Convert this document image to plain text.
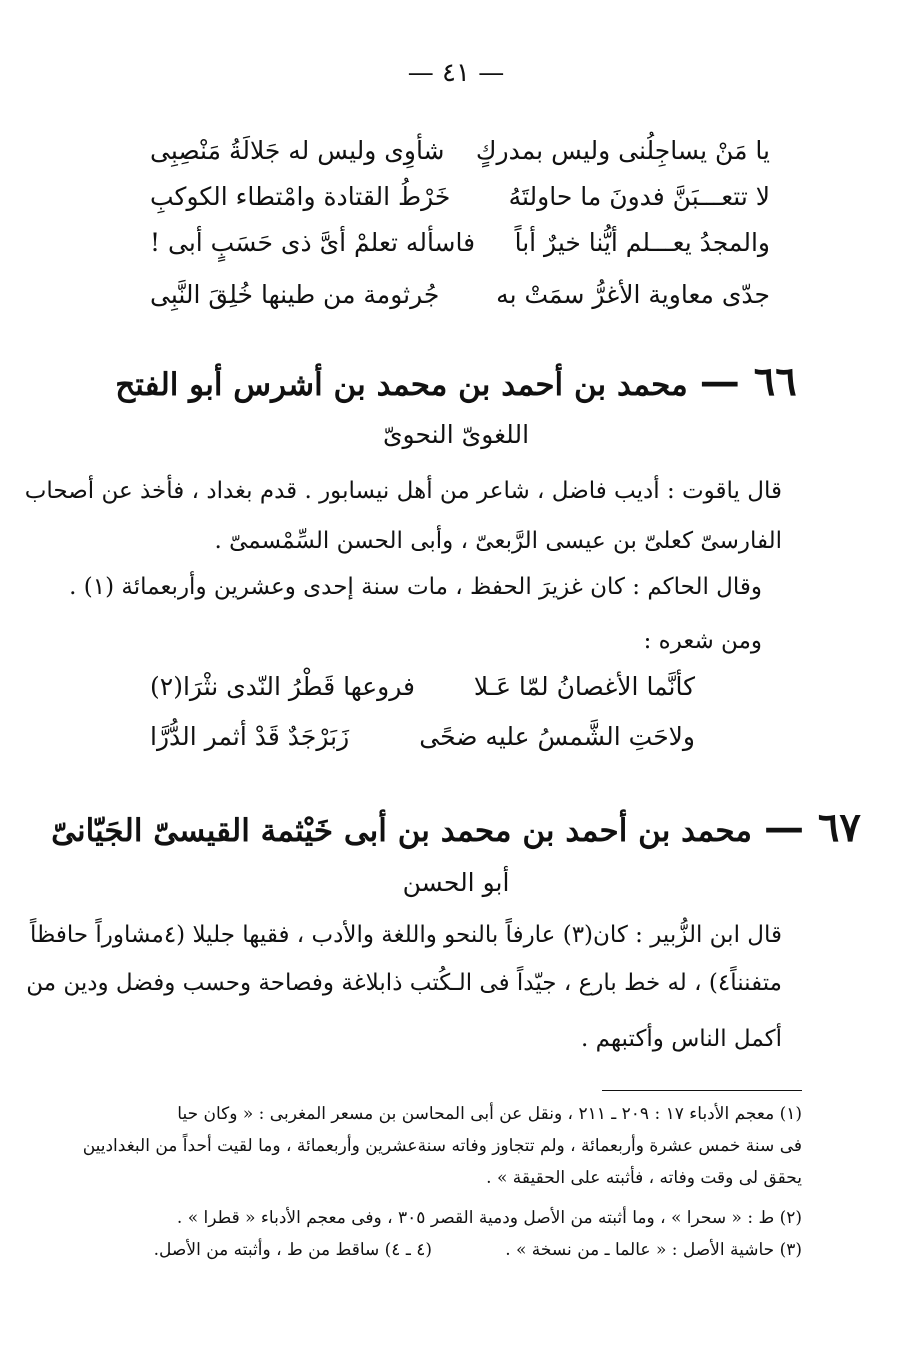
— ٤١ —
يا مَنْ يساجِلُنى وليس بمدركٍ
شأوِى وليس له جَلالَةُ مَنْصِبِى
لا تتعـــبَنَّ فدونَ ما حاولتَهُ
خَرْطُ القتادة وامْتطاء الكوكبِ
والمجدُ يعـــلم أيُّنا خيرٌ أباً
فاسأله تعلمْ أىَّ ذى حَسَبٍ أبى !
جدّى معاوية الأغرُّ سمَتْ به
جُرثومة من طينها خُلِقَ النَّبِى
٦٦ —محمد بن أحمد بن محمد بن أشرس أبو الفتح
اللغوىّ النحوىّ
قال ياقوت : أديب فاضل ، شاعر من أهل نيسابور . قدم بغداد ، فأخذ عن أصحاب
الفارسىّ كعلىّ بن عيسى الرَّبعىّ ، وأبى الحسن السِّمْسمىّ .
وقال الحاكم : كان غزيرَ الحفظ ، مات سنة إحدى وعشرين وأربعمائة (١) .
ومن شعره :
كأنَّما الأغصانُ لمّا عَـلا
فروعها قَطْرُ النّدى نثْرَا(٢)
ولاحَتِ الشَّمسُ عليه ضحًى
زَبَرْجَدٌ قَدْ أثمر الدُّرَّا
٦٧ —محمد بن أحمد بن محمد بن أبى خَيْثمة القيسىّ الجَيّانىّ
أبو الحسن
قال ابن الزُّبير : كان(٣) عارفاً بالنحو واللغة والأدب ، فقيها جليلا (٤مشاوراً حافظاً
متفنناً٤) ، له خط بارع ، جيّداً فى الـكُتب ذابلاغة وفصاحة وحسب وفضل ودين من
أكمل الناس وأكتبهم .
(١) معجم الأدباء ١٧ : ٢٠٩ ـ ٢١١ ، ونقل عن أبى المحاسن بن مسعر المغربى : « وكان حيا
فى سنة خمس عشرة وأربعمائة ، ولم تتجاوز وفاته سنةعشرين وأربعمائة ، وما لقيت أحداً من البغداديين
يحقق لى وقت وفاته ، فأثبته على الحقيقة » .
(٢) ط : « سحرا » ، وما أثبته من الأصل ودمية القصر ٣٠٥ ، وفى معجم الأدباء « قطرا » .
(٣) حاشية الأصل : « عالما ـ من نسخة » .
(٤ ـ ٤) ساقط من ط ، وأثبته من الأصل.
